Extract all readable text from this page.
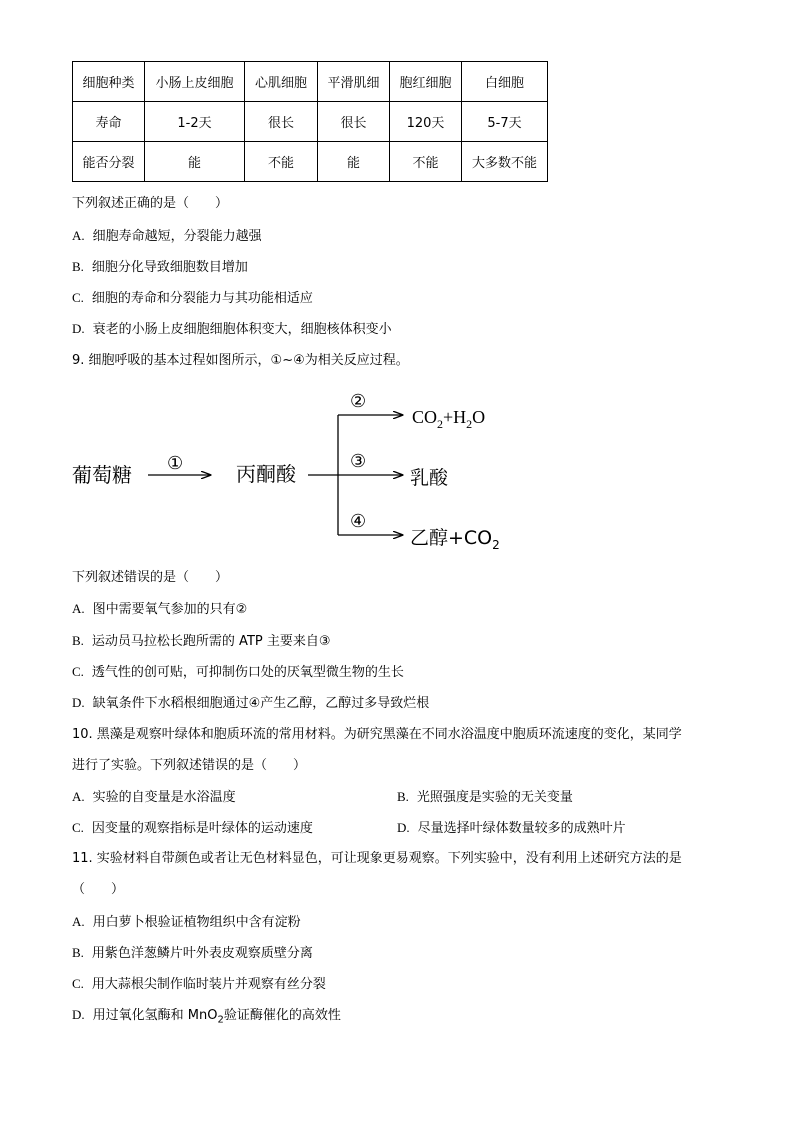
细胞种类	小肠上皮细胞	心肌细胞	平滑肌细	胞红细胞	白细胞
寿命	1-2天	很长	很长	120天	5-7天
能否分裂	能	不能	能	不能	大多数不能
下列叙述正确的是（　　）
A. 细胞寿命越短，分裂能力越强
B. 细胞分化导致细胞数目增加
C. 细胞的寿命和分裂能力与其功能相适应
D. 衰老的小肠上皮细胞细胞体积变大，细胞核体积变小
9. 细胞呼吸的基本过程如图所示，①~④为相关反应过程。
葡萄糖 ①	丙酮酸
②
③
④
$CO_2+H_2O$
乳酸
乙醇$+CO_2$
下列叙述错误的是（　　）
A. 图中需要氧气参加的只有②
B. 运动员马拉松长跑所需的 ATP 主要来自③
C. 透气性的创可贴，可抑制伤口处的厌氧型微生物的生长
D. 缺氧条件下水稻根细胞通过④产生乙醇，乙醇过多导致烂根
10. 黑藻是观察叶绿体和胞质环流的常用材料。为研究黑藻在不同水浴温度中胞质环流速度的变化，某同学
进行了实验。下列叙述错误的是（　　）
A. 实验的自变量是水浴温度	B. 光照强度是实验的无关变量
C. 因变量的观察指标是叶绿体的运动速度	D. 尽量选择叶绿体数量较多的成熟叶片
11. 实验材料自带颜色或者让无色材料显色，可让现象更易观察。下列实验中，没有利用上述研究方法的是
（　　）
A. 用白萝卜根验证植物组织中含有淀粉
B. 用紫色洋葱鳞片叶外表皮观察质壁分离
C. 用大蒜根尖制作临时装片并观察有丝分裂
D. 用过氧化氢酶和 MnO$_2$验证酶催化的高效性
